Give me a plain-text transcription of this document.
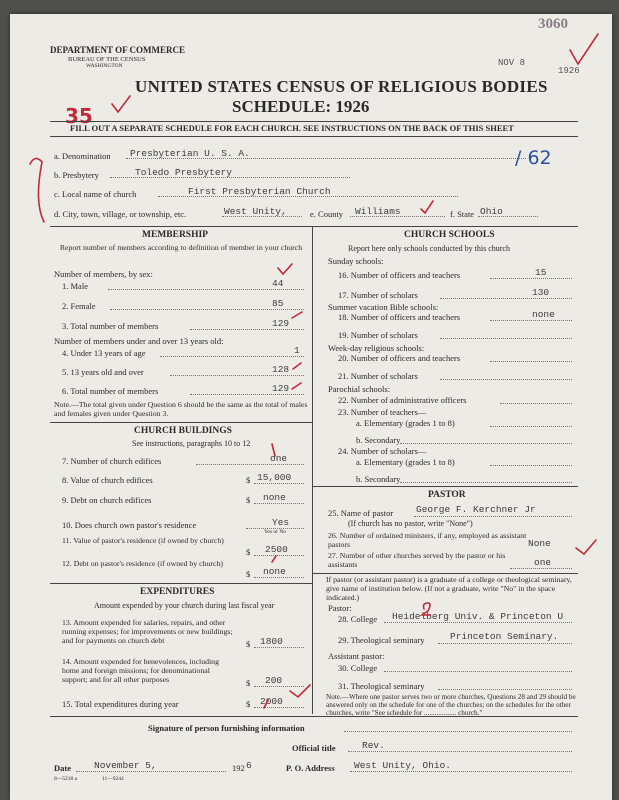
DEPARTMENT OF COMMERCE
BUREAU OF THE CENSUS
WASHINGTON
UNITED STATES CENSUS OF RELIGIOUS BODIES
SCHEDULE: 1926
3060
NOV 8
1926
35
FILL OUT A SEPARATE SCHEDULE FOR EACH CHURCH. SEE INSTRUCTIONS ON THE BACK OF THIS SHEET
a. Denomination Presbyterian U. S. A.	/ 62
b. Presbytery	Toledo Presbytery
c. Local name of church	First Presbyterian Church
d. City, town, village, or township, etc.	West Unity,	e. County Williams	f. State Ohio
MEMBERSHIP
Report number of members according to definition of member in your church
Number of members, by sex:
1. Male	44
2. Female	85
3. Total number of members	129
Number of members under and over 13 years old:
4. Under 13 years of age	1
5. 13 years old and over	128
6. Total number of members	129
Note.—The total given under Question 6 should be the same as the total of males and females given under Question 3.
CHURCH BUILDINGS
See instructions, paragraphs 10 to 12
7. Number of church edifices	one
8. Value of church edifices	$ 15,000
9. Debt on church edifices	$ none
10. Does church own pastor's residence	Yes
Yes or No
11. Value of pastor's residence (if owned by church)
$ 2500
12. Debt on pastor's residence (if owned by church)
$ none
EXPENDITURES
Amount expended by your church during last fiscal year
13. Amount expended for salaries, repairs, and other running expenses; for improvements or new buildings; and for payments on church debt	$ 1800
14. Amount expended for benevolences, including home and foreign missions; for denominational support; and for all other purposes	$ 200
15. Total expenditures during year	$ 2000
CHURCH SCHOOLS
Report here only schools conducted by this church
Sunday schools:
16. Number of officers and teachers	15
17. Number of scholars	130
Summer vacation Bible schools:
18. Number of officers and teachers	none
19. Number of scholars
Week-day religious schools:
20. Number of officers and teachers
21. Number of scholars
Parochial schools:
22. Number of administrative officers
23. Number of teachers—
a. Elementary (grades 1 to 8)
b. Secondary
24. Number of scholars—
a. Elementary (grades 1 to 8)
b. Secondary
PASTOR
25. Name of pastor George F. Kerchner Jr
(If church has no pastor, write "None")
26. Number of ordained ministers, if any, employed as assistant pastors	None
27. Number of other churches served by the pastor or his assistants	one
If pastor (or assistant pastor) is a graduate of a college or theological seminary, give name of institution below. (If not a graduate, write "No" in the space indicated.)
Pastor:
28. College Heidelberg Univ. & Princeton U
29. Theological seminary	Princeton Seminary.
Assistant pastor:
30. College
31. Theological seminary
Note.—Where one pastor serves two or more churches, Questions 28 and 29 should be answered only on the schedule for one of the churches; on the schedules for the other churches, write "See schedule for .................. church."
Signature of person furnishing information
Official title	Rev.
Date November 5,	192 6	P. O. Address West Unity, Ohio.
8—5218 a	11—9244
